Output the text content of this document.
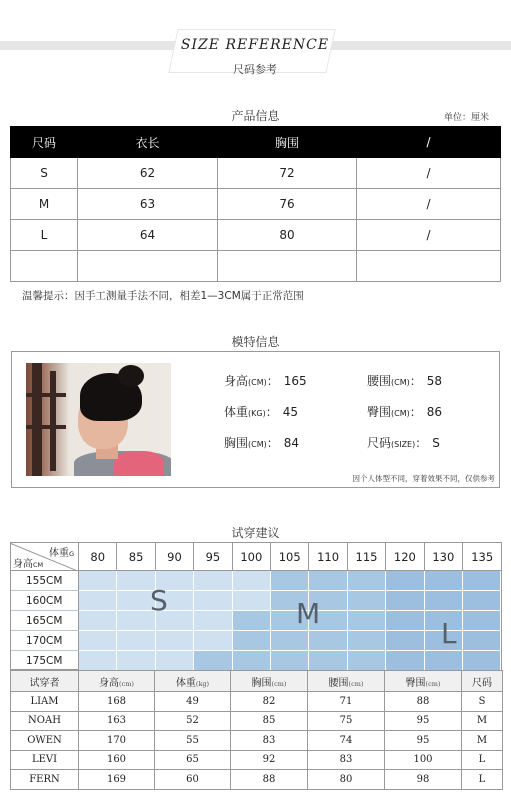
SIZE REFERENCE
尺码参考
产品信息	单位：厘米
尺码	衣长	胸围	/
S	62	72	/
M	63	76	/
L	64	80	/

温馨提示：因手工测量手法不同，相差1—3CM属于正常范围
模特信息
身高(CM)： 165	腰围(CM)： 58
体重(KG)： 45	臀围(CM)： 86
胸围(CM)： 84	尺码(SIZE)： S
因个人体型不同，穿着效果不同，仅供参考
试穿建议
体重G
身高CM
80	85	90	95	100	105	110	115	120	130	135
155CM
160CM
165CM
170CM
175CM
S	M
L
试穿者	身高(cm)	体重(kg)	胸围(cm)	腰围(cm)	臀围(cm)	尺码
LIAM	168	49	82	71	88	S
NOAH	163	52	85	75	95	M
OWEN	170	55	83	74	95	M
LEVI	160	65	92	83	100	L
FERN	169	60	88	80	98	L
